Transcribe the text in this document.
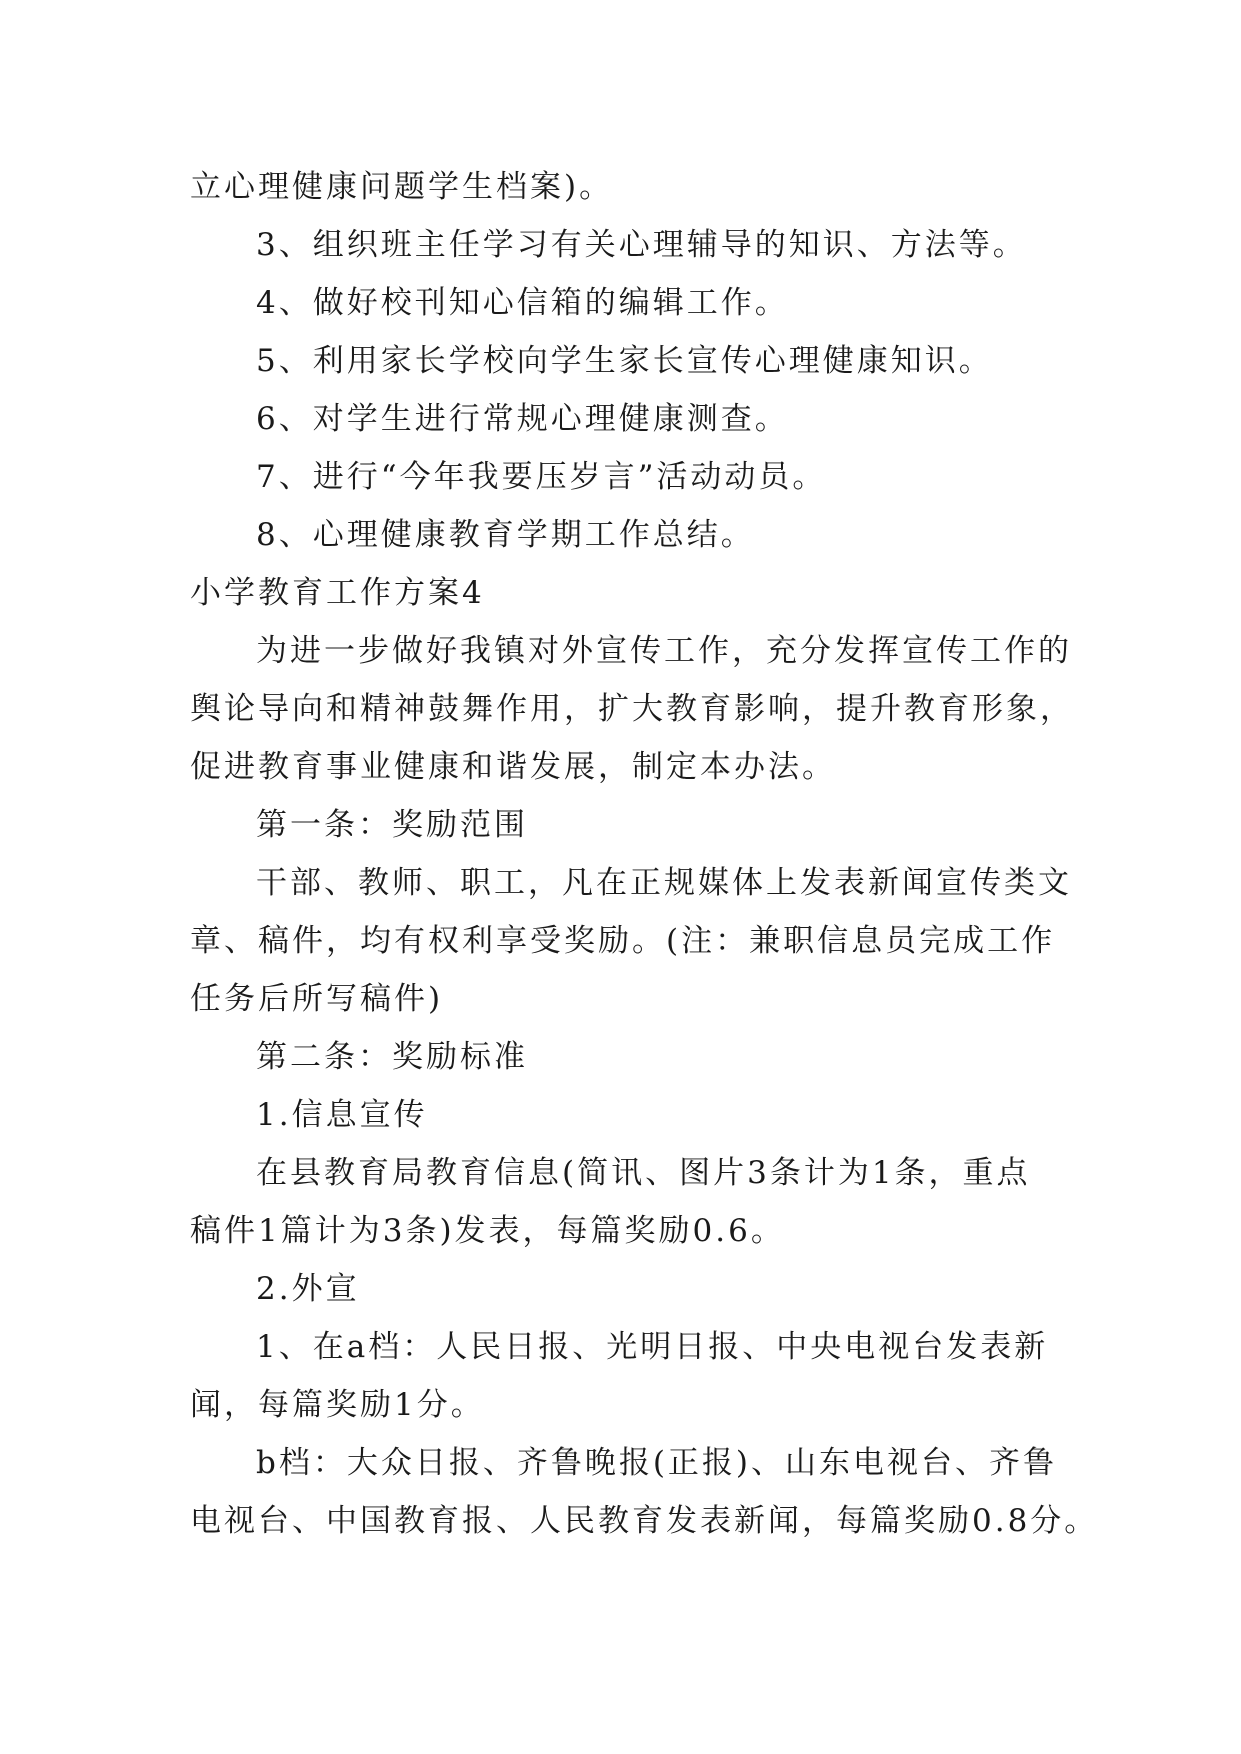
立心理健康问题学生档案)。
3、组织班主任学习有关心理辅导的知识、方法等。
4、做好校刊知心信箱的编辑工作。
5、利用家长学校向学生家长宣传心理健康知识。
6、对学生进行常规心理健康测查。
7、进行“今年我要压岁言”活动动员。
8、心理健康教育学期工作总结。
小学教育工作方案4
为进一步做好我镇对外宣传工作，充分发挥宣传工作的
舆论导向和精神鼓舞作用，扩大教育影响，提升教育形象，
促进教育事业健康和谐发展，制定本办法。
第一条：奖励范围
干部、教师、职工，凡在正规媒体上发表新闻宣传类文
章、稿件，均有权利享受奖励。(注：兼职信息员完成工作
任务后所写稿件)
第二条：奖励标准
1.信息宣传
在县教育局教育信息(简讯、图片3条计为1条，重点
稿件1篇计为3条)发表，每篇奖励0.6。
2.外宣
1、在a档：人民日报、光明日报、中央电视台发表新
闻，每篇奖励1分。
b档：大众日报、齐鲁晚报(正报)、山东电视台、齐鲁
电视台、中国教育报、人民教育发表新闻，每篇奖励0.8分。
